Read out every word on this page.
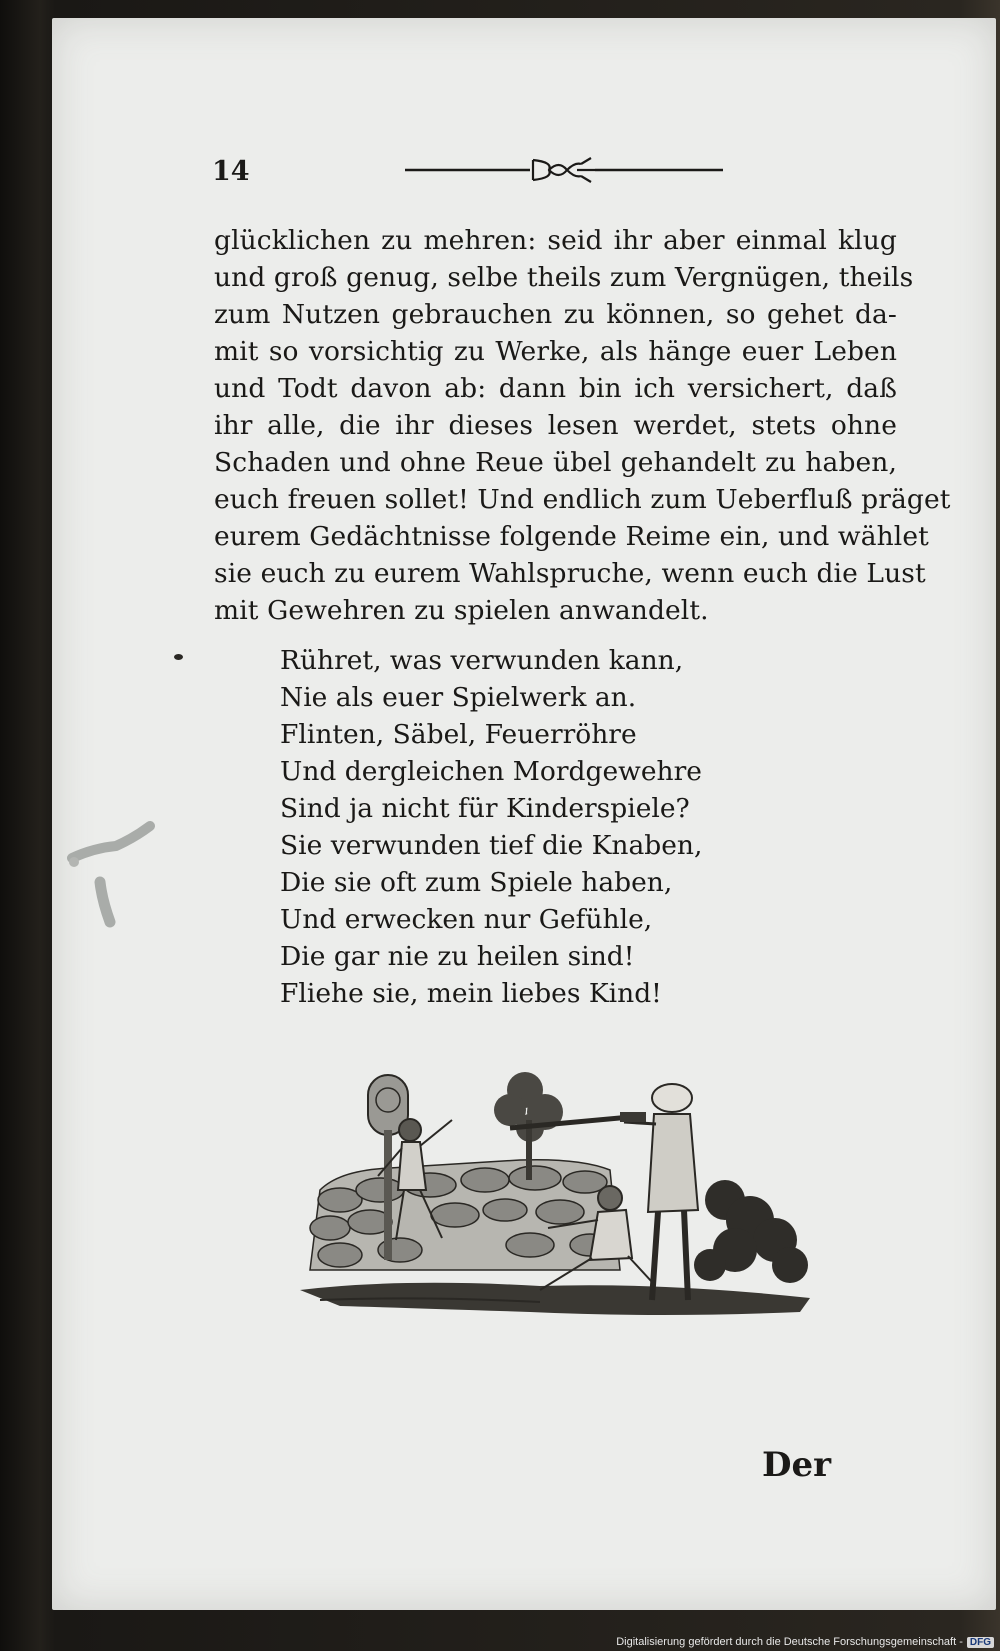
14
glücklichen zu mehren: seid ihr aber einmal klug
und groß genug, selbe theils zum Vergnügen, theils
zum Nutzen gebrauchen zu können, so gehet da-
mit so vorsichtig zu Werke, als hänge euer Leben
und Todt davon ab: dann bin ich versichert, daß
ihr alle, die ihr dieses lesen werdet, stets ohne
Schaden und ohne Reue übel gehandelt zu haben,
euch freuen sollet! Und endlich zum Ueberfluß präget
eurem Gedächtnisse folgende Reime ein, und wählet
sie euch zu eurem Wahlspruche, wenn euch die Lust
mit Gewehren zu spielen anwandelt.
Rühret, was verwunden kann,
Nie als euer Spielwerk an.
Flinten, Säbel, Feuerröhre
Und dergleichen Mordgewehre
Sind ja nicht für Kinderspiele?
Sie verwunden tief die Knaben,
Die sie oft zum Spiele haben,
Und erwecken nur Gefühle,
Die gar nie zu heilen sind!
Fliehe sie, mein liebes Kind!
Der
Digitalisierung gefördert durch die Deutsche Forschungsgemeinschaft - DFG
